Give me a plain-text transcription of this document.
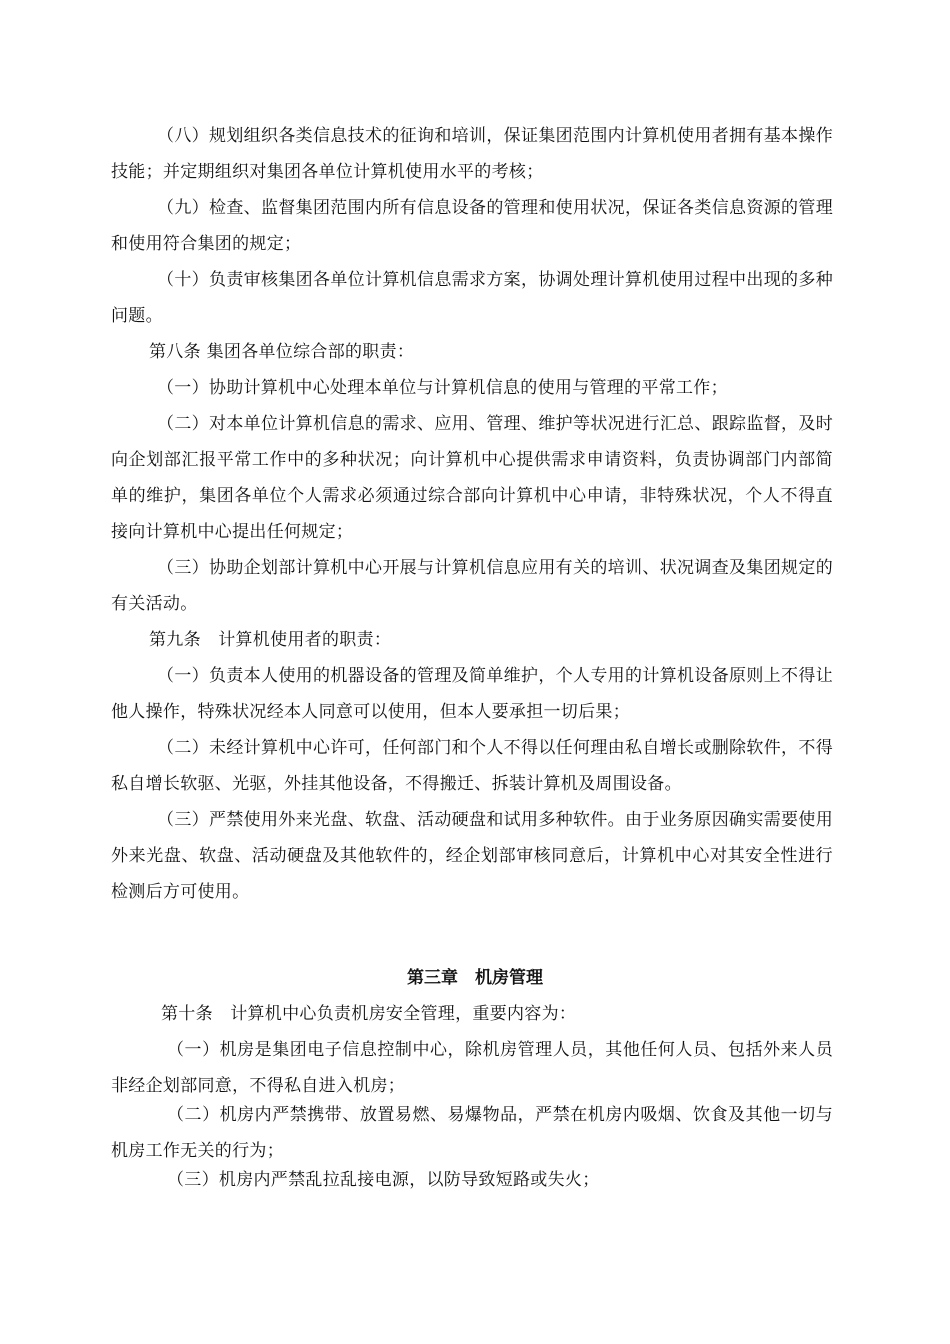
（八）规划组织各类信息技术的征询和培训，保证集团范围内计算机使用者拥有基本操作技能；并定期组织对集团各单位计算机使用水平的考核；

（九）检查、监督集团范围内所有信息设备的管理和使用状况，保证各类信息资源的管理和使用符合集团的规定；

（十）负责审核集团各单位计算机信息需求方案，协调处理计算机使用过程中出现的多种问题。

第八条 集团各单位综合部的职责：

（一）协助计算机中心处理本单位与计算机信息的使用与管理的平常工作；

（二）对本单位计算机信息的需求、应用、管理、维护等状况进行汇总、跟踪监督，及时向企划部汇报平常工作中的多种状况；向计算机中心提供需求申请资料，负责协调部门内部简单的维护，集团各单位个人需求必须通过综合部向计算机中心申请，非特殊状况，个人不得直接向计算机中心提出任何规定；

（三）协助企划部计算机中心开展与计算机信息应用有关的培训、状况调查及集团规定的有关活动。

第九条　计算机使用者的职责：

（一）负责本人使用的机器设备的管理及简单维护，个人专用的计算机设备原则上不得让他人操作，特殊状况经本人同意可以使用，但本人要承担一切后果；

（二）未经计算机中心许可，任何部门和个人不得以任何理由私自增长或删除软件，不得私自增长软驱、光驱，外挂其他设备，不得搬迁、拆装计算机及周围设备。

（三）严禁使用外来光盘、软盘、活动硬盘和试用多种软件。由于业务原因确实需要使用外来光盘、软盘、活动硬盘及其他软件的，经企划部审核同意后，计算机中心对其安全性进行检测后方可使用。

第三章　机房管理

第十条　计算机中心负责机房安全管理，重要内容为：

（一）机房是集团电子信息控制中心，除机房管理人员，其他任何人员、包括外来人员非经企划部同意，不得私自进入机房；

（二）机房内严禁携带、放置易燃、易爆物品，严禁在机房内吸烟、饮食及其他一切与机房工作无关的行为；

（三）机房内严禁乱拉乱接电源，以防导致短路或失火；
